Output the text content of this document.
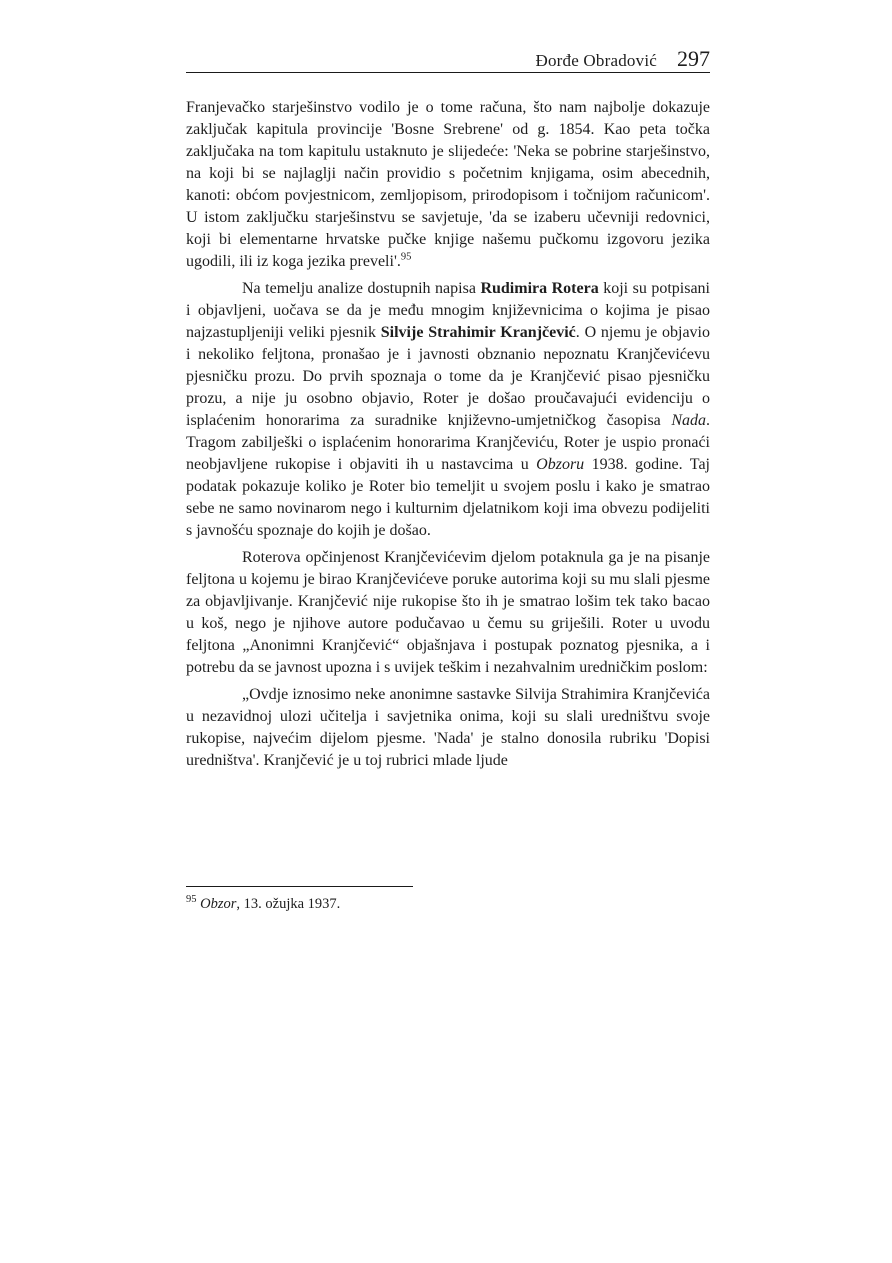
Đorđe Obradović 297

Franjevačko starješinstvo vodilo je o tome računa, što nam najbolje dokazuje zaključak kapitula provincije 'Bosne Srebrene' od g. 1854. Kao peta točka zaključaka na tom kapitulu ustaknuto je slijedeće: 'Neka se pobrine starješinstvo, na koji bi se najlaglji način providio s početnim knjigama, osim abecednih, kanoti: obćom povjestnicom, zemljopisom, prirodopisom i točnijom računicom'. U istom zaključku starješinstvu se savjetuje, 'da se izaberu učevniji redovnici, koji bi elementarne hrvatske pučke knjige našemu pučkomu izgovoru jezika ugodili, ili iz koga jezika preveli'.$^{95}$

Na temelju analize dostupnih napisa Rudimira Rotera koji su potpisani i objavljeni, uočava se da je među mnogim književnicima o kojima je pisao najzastupljeniji veliki pjesnik Silvije Strahimir Kranjčević. O njemu je objavio i nekoliko feljtona, pronašao je i javnosti obznanio nepoznatu Kranjčevićevu pjesničku prozu. Do prvih spoznaja o tome da je Kranjčević pisao pjesničku prozu, a nije ju osobno objavio, Roter je došao proučavajući evidenciju o isplaćenim honorarima za suradnike književno-umjetničkog časopisa Nada. Tragom zabilješki o isplaćenim honorarima Kranjčeviću, Roter je uspio pronaći neobjavljene rukopise i objaviti ih u nastavcima u Obzoru 1938. godine. Taj podatak pokazuje koliko je Roter bio temeljit u svojem poslu i kako je smatrao sebe ne samo novinarom nego i kulturnim djelatnikom koji ima obvezu podijeliti s javnošću spoznaje do kojih je došao.

Roterova opčinjenost Kranjčevićevim djelom potaknula ga je na pisanje feljtona u kojemu je birao Kranjčevićeve poruke autorima koji su mu slali pjesme za objavljivanje. Kranjčević nije rukopise što ih je smatrao lošim tek tako bacao u koš, nego je njihove autore podučavao u čemu su griješili. Roter u uvodu feljtona „Anonimni Kranjčević“ objašnjava i postupak poznatog pjesnika, a i potrebu da se javnost upozna i s uvijek teškim i nezahvalnim uredničkim poslom:

„Ovdje iznosimo neke anonimne sastavke Silvija Strahimira Kranjčevića u nezavidnoj ulozi učitelja i savjetnika onima, koji su slali uredništvu svoje rukopise, najvećim dijelom pjesme. 'Nada' je stalno donosila rubriku 'Dopisi uredništva'. Kranjčević je u toj rubrici mlade ljude

$^{95}$ Obzor, 13. ožujka 1937.
